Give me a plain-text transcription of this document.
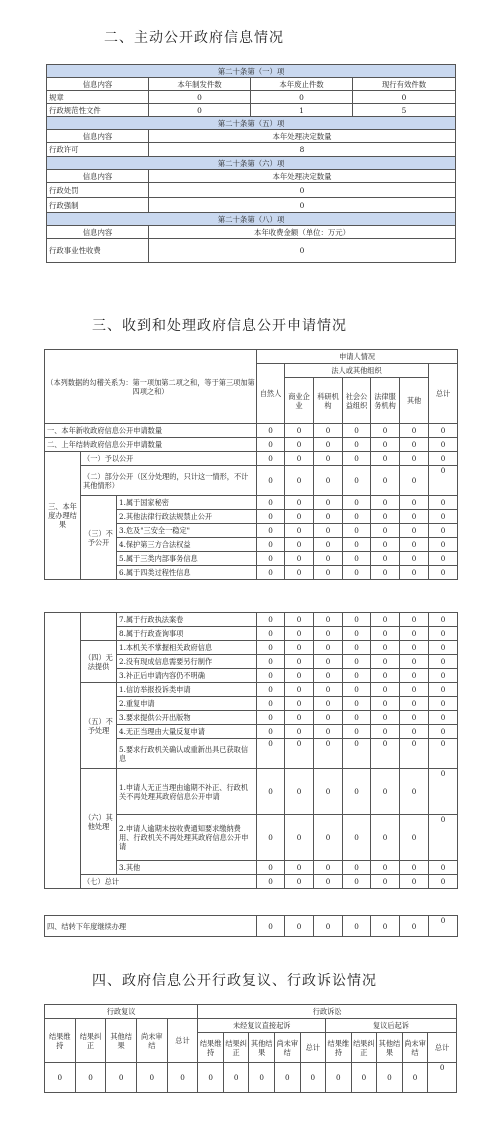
二、主动公开政府信息情况
第二十条第（一）项			
信息内容	本年制发件数	本年废止件数	现行有效件数
规章	0	0	0
行政规范性文件	0	1	5
第二十条第（五）项			
信息内容	本年处理决定数量		
行政许可	8		
第二十条第（六）项			
信息内容	本年处理决定数量		
行政处罚	0		
行政强制	0		
第二十条第（八）项			
信息内容	本年收费金额（单位：万元）		
行政事业性收费	0		
三、收到和处理政府信息公开申请情况
（本列数据的勾稽关系为：第一项加第二项之和，等于第三项加第四项之和）			申请人情况						
			自然人	法人或其他组织					总计
				商业企业	科研机构	社会公益组织	法律服务机构	其他	
一、本年新收政府信息公开申请数量			0	0	0	0	0	0	0
二、上年结转政府信息公开申请数量			0	0	0	0	0	0	0
三、本年度办理结果	（一）予以公开		0	0	0	0	0	0	0
	（二）部分公开（区分处理的，只计这一情形，不计其他情形）		0	0	0	0	0	0	0
	（三）不予公开	1.属于国家秘密	0	0	0	0	0	0	0
		2.其他法律行政法规禁止公开	0	0	0	0	0	0	0
		3.危及"三安全一稳定"	0	0	0	0	0	0	0
		4.保护第三方合法权益	0	0	0	0	0	0	0
		5.属于三类内部事务信息	0	0	0	0	0	0	0
		6.属于四类过程性信息	0	0	0	0	0	0	0
		7.属于行政执法案卷	0	0	0	0	0	0	0
		8.属于行政查询事项	0	0	0	0	0	0	0
	（四）无法提供	1.本机关不掌握相关政府信息	0	0	0	0	0	0	0
		2.没有现成信息需要另行制作	0	0	0	0	0	0	0
		3.补正后申请内容仍不明确	0	0	0	0	0	0	0
	（五）不予处理	1.信访举报投诉类申请	0	0	0	0	0	0	0
		2.重复申请	0	0	0	0	0	0	0
		3.要求提供公开出版物	0	0	0	0	0	0	0
		4.无正当理由大量反复申请	0	0	0	0	0	0	0
		5.要求行政机关确认或重新出具已获取信息	0	0	0	0	0	0	0
	（六）其他处理	1.申请人无正当理由逾期不补正、行政机关不再处理其政府信息公开申请	0	0	0	0	0	0	0
		2.申请人逾期未按收费通知要求缴纳费用、行政机关不再处理其政府信息公开申请	0	0	0	0	0	0	0
		3.其他	0	0	0	0	0	0	0
	（七）总计		0	0	0	0	0	0	0
四、结转下年度继续办理	0	0	0	0	0	0	0
四、政府信息公开行政复议、行政诉讼情况
行政复议					行政诉讼									
结果维持	结果纠正	其他结果	尚未审结	总计	未经复议直接起诉					复议后起诉				
					结果维持	结果纠正	其他结果	尚未审结	总计	结果维持	结果纠正	其他结果	尚未审结	总计
0	0	0	0	0	0	0	0	0	0	0	0	0	0	0
